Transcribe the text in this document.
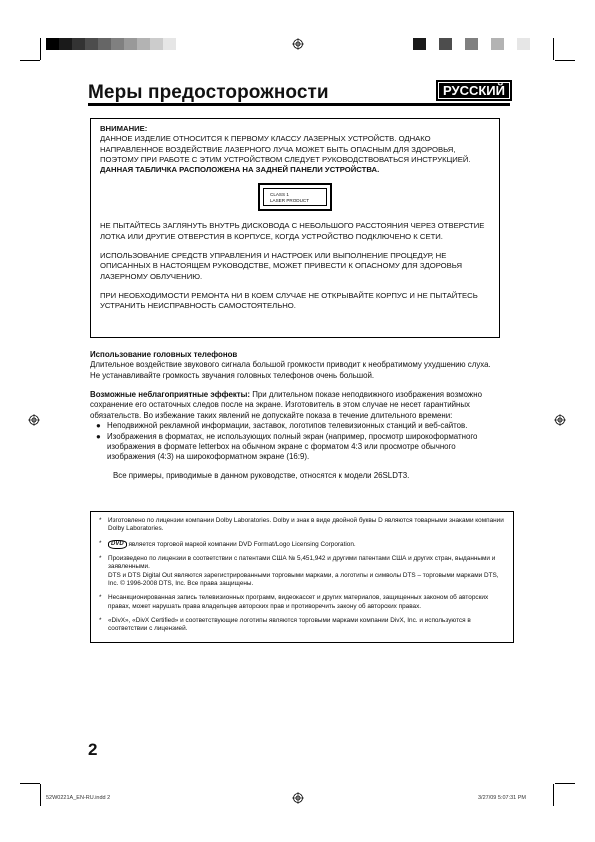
Меры предосторожности	РУССКИЙ

ВНИМАНИЕ:

ДАННОЕ ИЗДЕЛИЕ ОТНОСИТСЯ К ПЕРВОМУ КЛАССУ ЛАЗЕРНЫХ УСТРОЙСТВ. ОДНАКО НАПРАВЛЕННОЕ ВОЗДЕЙСТВИЕ ЛАЗЕРНОГО ЛУЧА МОЖЕТ БЫТЬ ОПАСНЫМ ДЛЯ ЗДОРОВЬЯ, ПОЭТОМУ ПРИ РАБОТЕ С ЭТИМ УСТРОЙСТВОМ СЛЕДУЕТ РУКОВОДСТВОВАТЬСЯ ИНСТРУКЦИЕЙ.

ДАННАЯ ТАБЛИЧКА РАСПОЛОЖЕНА НА ЗАДНЕЙ ПАНЕЛИ УСТРОЙСТВА.

CLASS 1
LASER PRODUCT

НЕ ПЫТАЙТЕСЬ ЗАГЛЯНУТЬ ВНУТРЬ ДИСКОВОДА С НЕБОЛЬШОГО РАССТОЯНИЯ ЧЕРЕЗ ОТВЕРСТИЕ ЛОТКА ИЛИ ДРУГИЕ ОТВЕРСТИЯ В КОРПУСЕ, КОГДА УСТРОЙСТВО ПОДКЛЮЧЕНО К СЕТИ.

ИСПОЛЬЗОВАНИЕ СРЕДСТВ УПРАВЛЕНИЯ И НАСТРОЕК ИЛИ ВЫПОЛНЕНИЕ ПРОЦЕДУР, НЕ ОПИСАННЫХ В НАСТОЯЩЕМ РУКОВОДСТВЕ, МОЖЕТ ПРИВЕСТИ К ОПАСНОМУ ДЛЯ ЗДОРОВЬЯ ЛАЗЕРНОМУ ОБЛУЧЕНИЮ.

ПРИ НЕОБХОДИМОСТИ РЕМОНТА НИ В КОЕМ СЛУЧАЕ НЕ ОТКРЫВАЙТЕ КОРПУС И НЕ ПЫТАЙТЕСЬ УСТРАНИТЬ НЕИСПРАВНОСТЬ САМОСТОЯТЕЛЬНО.

Использование головных телефонов

Длительное воздействие звукового сигнала большой громкости приводит к необратимому ухудшению слуха. Не устанавливайте громкость звучания головных телефонов очень большой.

Возможные неблагоприятные эффекты: При длительном показе неподвижного изображения возможно сохранение его остаточных следов после на экране. Изготовитель в этом случае не несет гарантийных обязательств. Во избежание таких явлений не допускайте показа в течение длительного времени:

● Неподвижной рекламной информации, заставок, логотипов телевизионных станций и веб-сайтов.
● Изображения в форматах, не использующих полный экран (например, просмотр широкоформатного изображения в формате letterbox на обычном экране с форматом 4:3 или просмотре обычного изображения (4:3) на широкоформатном экране (16:9).

Все примеры, приводимые в данном руководстве, относятся к модели 26SLDT3.

* Изготовлено по лицензии компании Dolby Laboratories. Dolby и знак в виде двойной буквы D являются товарными знаками компании Dolby Laboratories.
* DVD является торговой маркой компании DVD Format/Logo Licensing Corporation.
* Произведено по лицензии в соответствии с патентами США № 5,451,942 и другими патентами США и других стран, выданными и заявленными.
DTS и DTS Digital Out являются зарегистрированными торговыми марками, а логотипы и символы DTS – торговыми марками DTS, Inc. © 1996-2008 DTS, Inc. Все права защищены.
* Несанкционированная запись телевизионных программ, видеокассет и других материалов, защищенных законом об авторских правах, может нарушать права владельцев авторских прав и противоречить закону об авторских правах.
* «DivX», «DivX Certified» и соответствующие логотипы являются торговыми марками компании DivX, Inc. и используются в соответствии с лицензией.
2
52W0221A_EN-RU.indd 2	3/27/09 5:07:31 PM
